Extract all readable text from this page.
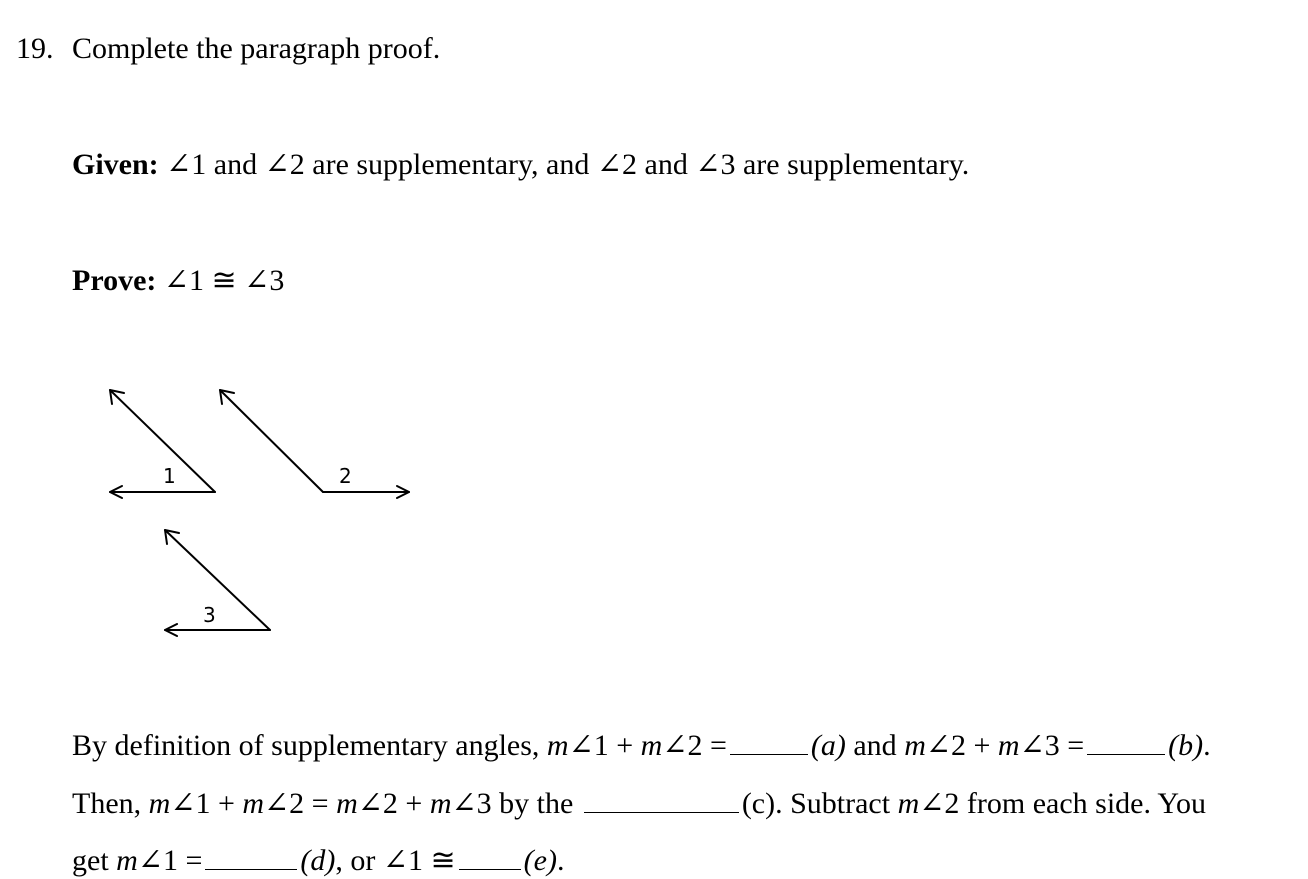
19. Complete the paragraph proof.
Given: ∠1 and ∠2 are supplementary, and ∠2 and ∠3 are supplementary.
Prove: ∠1 ≅ ∠3
1	2
3
By definition of supplementary angles, m∠1 + m∠2 =	(a) and m∠2 + m∠3 =	(b).
Then, m∠1 + m∠2 = m∠2 + m∠3 by the	(c). Subtract m∠2 from each side. You
get m∠1 =	(d), or ∠1 ≅ (e).
